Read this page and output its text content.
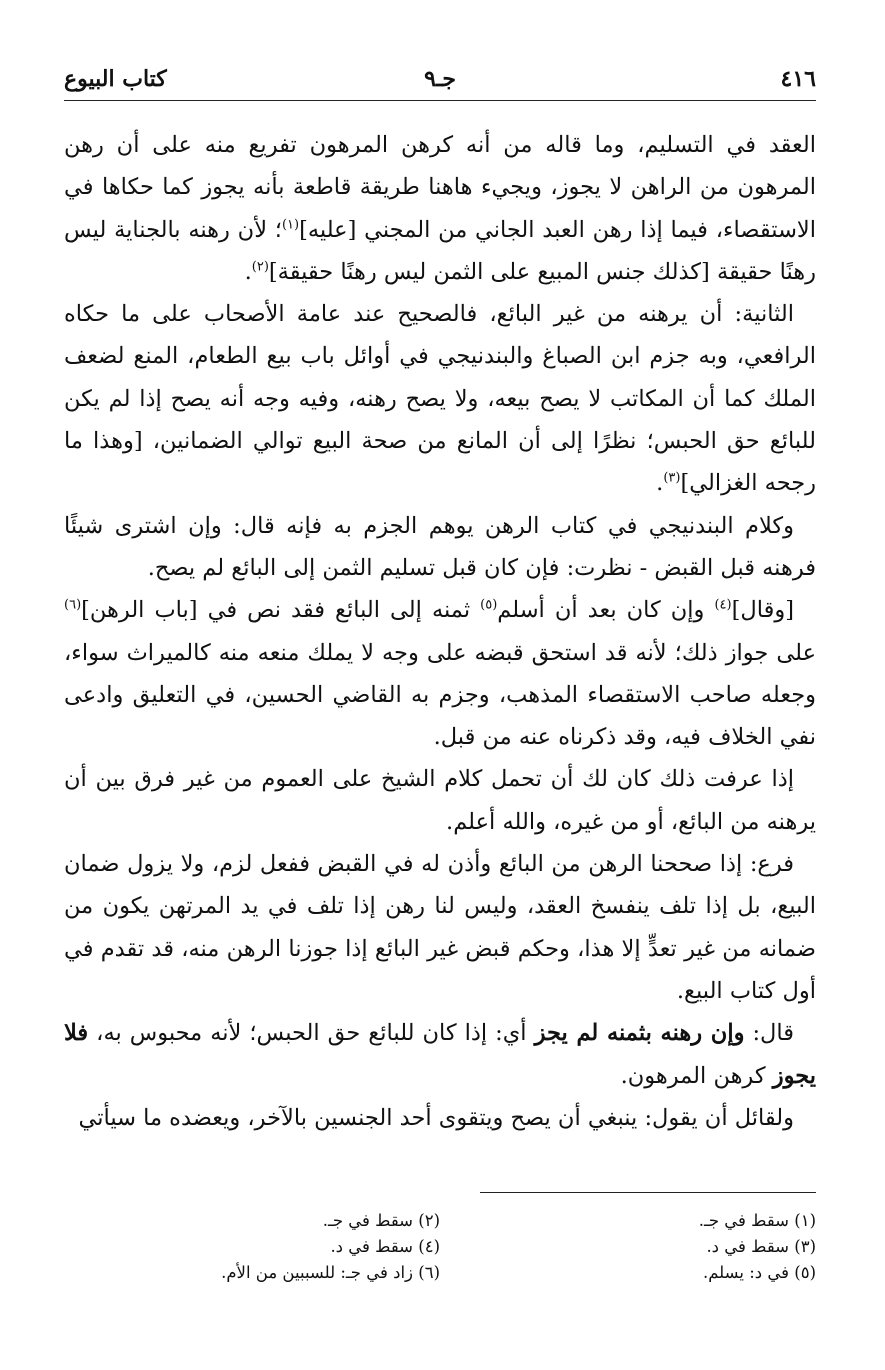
٤١٦
جـ٩
كتاب البيوع

العقد في التسليم، وما قاله من أنه كرهن المرهون تفريع منه على أن رهن المرهون من الراهن لا يجوز، ويجيء هاهنا طريقة قاطعة بأنه يجوز كما حكاها في الاستقصاء، فيما إذا رهن العبد الجاني من المجني [عليه]$^{(١)}$؛ لأن رهنه بالجناية ليس رهنًا حقيقة [كذلك جنس المبيع على الثمن ليس رهنًا حقيقة]$^{(٢)}$.

الثانية: أن يرهنه من غير البائع، فالصحيح عند عامة الأصحاب على ما حكاه الرافعي، وبه جزم ابن الصباغ والبندنيجي في أوائل باب بيع الطعام، المنع لضعف الملك كما أن المكاتب لا يصح بيعه، ولا يصح رهنه، وفيه وجه أنه يصح إذا لم يكن للبائع حق الحبس؛ نظرًا إلى أن المانع من صحة البيع توالي الضمانين، [وهذا ما رجحه الغزالي]$^{(٣)}$.

وكلام البندنيجي في كتاب الرهن يوهم الجزم به فإنه قال: وإن اشترى شيئًا فرهنه قبل القبض - نظرت: فإن كان قبل تسليم الثمن إلى البائع لم يصح.

[وقال]$^{(٤)}$ وإن كان بعد أن أسلم$^{(٥)}$ ثمنه إلى البائع فقد نص في [باب الرهن]$^{(٦)}$ على جواز ذلك؛ لأنه قد استحق قبضه على وجه لا يملك منعه منه كالميراث سواء، وجعله صاحب الاستقصاء المذهب، وجزم به القاضي الحسين، في التعليق وادعى نفي الخلاف فيه، وقد ذكرناه عنه من قبل.

إذا عرفت ذلك كان لك أن تحمل كلام الشيخ على العموم من غير فرق بين أن يرهنه من البائع، أو من غيره، والله أعلم.

فرع: إذا صححنا الرهن من البائع وأذن له في القبض ففعل لزم، ولا يزول ضمان البيع، بل إذا تلف ينفسخ العقد، وليس لنا رهن إذا تلف في يد المرتهن يكون من ضمانه من غير تعدٍّ إلا هذا، وحكم قبض غير البائع إذا جوزنا الرهن منه، قد تقدم في أول كتاب البيع.

قال: وإن رهنه بثمنه لم يجز أي: إذا كان للبائع حق الحبس؛ لأنه محبوس به، فلا يجوز كرهن المرهون.

ولقائل أن يقول: ينبغي أن يصح ويتقوى أحد الجنسين بالآخر، ويعضده ما سيأتي

(١) سقط في جـ.
(٢) سقط في جـ.
(٣) سقط في د.
(٤) سقط في د.
(٥) في د: يسلم.
(٦) زاد في جـ: للسببين من الأم.
